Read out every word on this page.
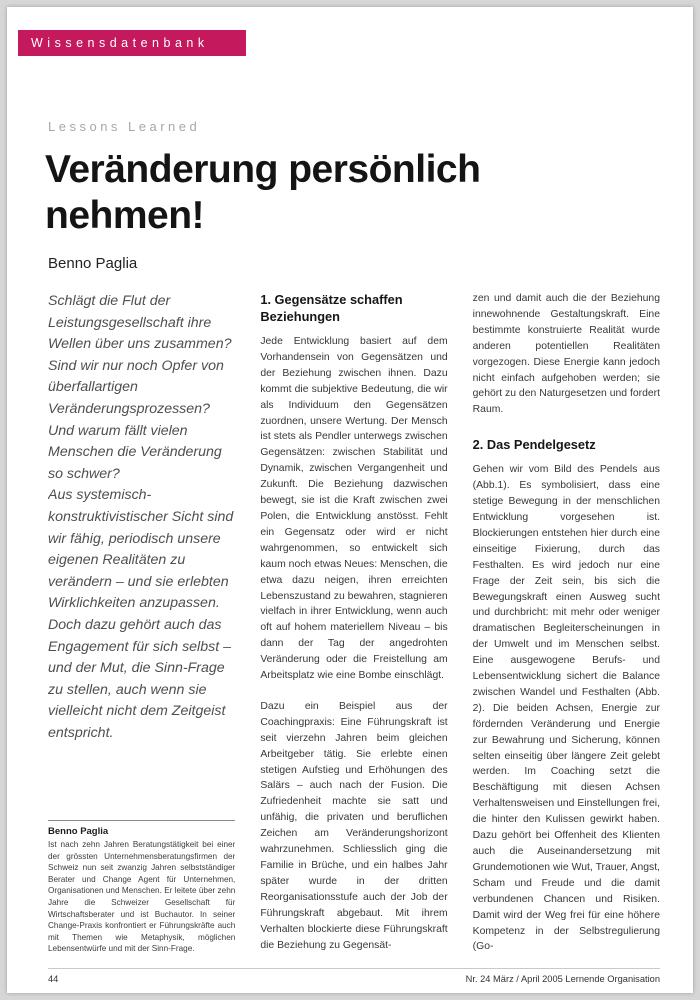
Wissensdatenbank
Lessons Learned
Veränderung persönlich nehmen!
Benno Paglia

Schlägt die Flut der Leistungsgesellschaft ihre Wellen über uns zusammen? Sind wir nur noch Opfer von überfallartigen Veränderungsprozessen? Und warum fällt vielen Menschen die Veränderung so schwer?

Aus systemisch-konstruktivistischer Sicht sind wir fähig, periodisch unsere eigenen Realitäten zu verändern – und sie erlebten Wirklichkeiten anzupassen. Doch dazu gehört auch das Engagement für sich selbst – und der Mut, die Sinn-Frage zu stellen, auch wenn sie vielleicht nicht dem Zeitgeist entspricht.

Benno Paglia
Ist nach zehn Jahren Beratungstätigkeit bei einer der grössten Unternehmensberatungsfirmen der Schweiz nun seit zwanzig Jahren selbstständiger Berater und Change Agent für Unternehmen, Organisationen und Menschen. Er leitete über zehn Jahre die Schweizer Gesellschaft für Wirtschaftsberater und ist Buchautor. In seiner Change-Praxis konfrontiert er Führungskräfte auch mit Themen wie Metaphysik, möglichen Lebensentwürfe und mit der Sinn-Frage.
1. Gegensätze schaffen Beziehungen

Jede Entwicklung basiert auf dem Vorhandensein von Gegensätzen und der Beziehung zwischen ihnen. Dazu kommt die subjektive Bedeutung, die wir als Individuum den Gegensätzen zuordnen, unsere Wertung. Der Mensch ist stets als Pendler unterwegs zwischen Gegensätzen: zwischen Stabilität und Dynamik, zwischen Vergangenheit und Zukunft. Die Beziehung dazwischen bewegt, sie ist die Kraft zwischen zwei Polen, die Entwicklung anstösst. Fehlt ein Gegensatz oder wird er nicht wahrgenommen, so entwickelt sich kaum noch etwas Neues: Menschen, die etwa dazu neigen, ihren erreichten Lebenszustand zu bewahren, stagnieren vielfach in ihrer Entwicklung, wenn auch oft auf hohem materiellem Niveau – bis dann der Tag der angedrohten Veränderung oder die Freistellung am Arbeitsplatz wie eine Bombe einschlägt.

Dazu ein Beispiel aus der Coachingpraxis: Eine Führungskraft ist seit vierzehn Jahren beim gleichen Arbeitgeber tätig. Sie erlebte einen stetigen Aufstieg und Erhöhungen des Salärs – auch nach der Fusion. Die Zufriedenheit machte sie satt und unfähig, die privaten und beruflichen Zeichen am Veränderungshorizont wahrzunehmen. Schliesslich ging die Familie in Brüche, und ein halbes Jahr später wurde in der dritten Reorganisationsstufe auch der Job der Führungskraft abgebaut. Mit ihrem Verhalten blockierte diese Führungskraft die Beziehung zu Gegensät-

zen und damit auch die der Beziehung innewohnende Gestaltungskraft. Eine bestimmte konstruierte Realität wurde anderen potentiellen Realitäten vorgezogen. Diese Energie kann jedoch nicht einfach aufgehoben werden; sie gehört zu den Naturgesetzen und fordert Raum.

2. Das Pendelgesetz

Gehen wir vom Bild des Pendels aus (Abb.1). Es symbolisiert, dass eine stetige Bewegung in der menschlichen Entwicklung vorgesehen ist. Blockierungen entstehen hier durch eine einseitige Fixierung, durch das Festhalten. Es wird jedoch nur eine Frage der Zeit sein, bis sich die Bewegungskraft einen Ausweg sucht und durchbricht: mit mehr oder weniger dramatischen Begleiterscheinungen in der Umwelt und im Menschen selbst. Eine ausgewogene Berufs- und Lebensentwicklung sichert die Balance zwischen Wandel und Festhalten (Abb. 2). Die beiden Achsen, Energie zur fördernden Veränderung und Energie zur Bewahrung und Sicherung, können selten einseitig über längere Zeit gelebt werden. Im Coaching setzt die Beschäftigung mit diesen Achsen Verhaltensweisen und Einstellungen frei, die hinter den Kulissen gewirkt haben. Dazu gehört bei Offenheit des Klienten auch die Auseinandersetzung mit Grundemotionen wie Wut, Trauer, Angst, Scham und Freude und die damit verbundenen Chancen und Risiken. Damit wird der Weg frei für eine höhere Kompetenz in der Selbstregulierung (Go-

44	Nr. 24 März / April 2005 Lernende Organisation
